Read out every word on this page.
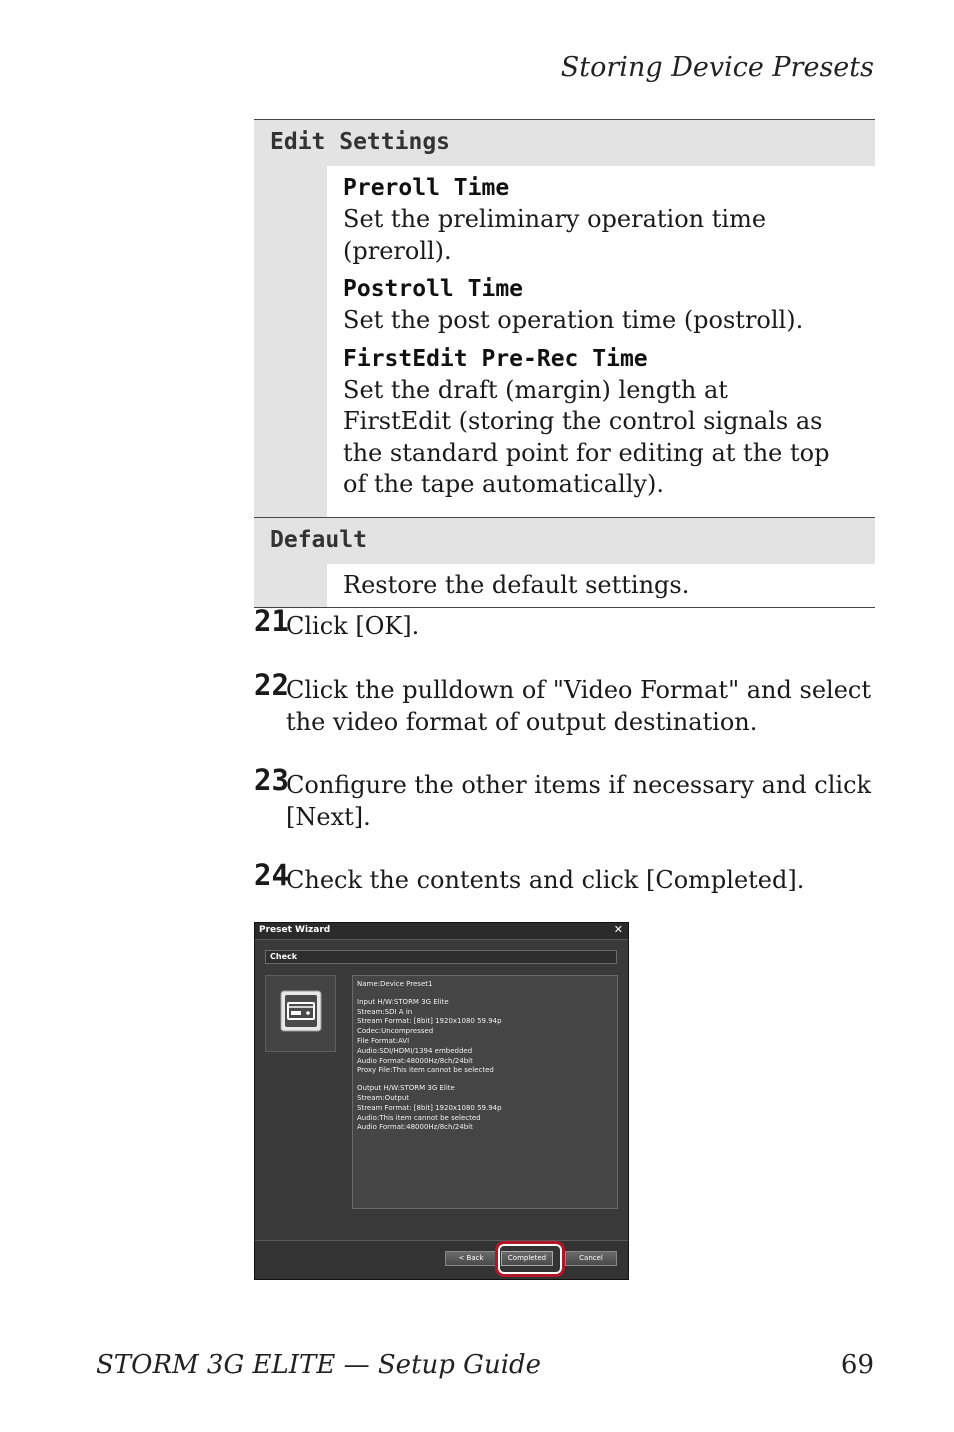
Storing Device Presets
Edit Settings
Preroll Time
Set the preliminary operation time (preroll).
Postroll Time
Set the post operation time (postroll).
FirstEdit Pre-Rec Time
Set the draft (margin) length at FirstEdit (storing the control signals as the standard point for editing at the top of the tape automatically).
Default
Restore the default settings.
21
Click [OK].
22
Click the pulldown of "Video Format" and select the video format of output destination.
23
Configure the other items if necessary and click [Next].
24
Check the contents and click [Completed].
Preset Wizard	✕
Check
Name:Device Preset1
Input H/W:STORM 3G Elite
Stream:SDI A in
Stream Format: [8bit] 1920x1080 59.94p
Codec:Uncompressed
File Format:AVI
Audio:SDI/HDMI/1394 embedded
Audio Format:48000Hz/8ch/24bit
Proxy File:This item cannot be selected
Output H/W:STORM 3G Elite
Stream:Output
Stream Format: [8bit] 1920x1080 59.94p
Audio:This item cannot be selected
Audio Format:48000Hz/8ch/24bit
< Back	Completed	Cancel
STORM 3G ELITE — Setup Guide	69
